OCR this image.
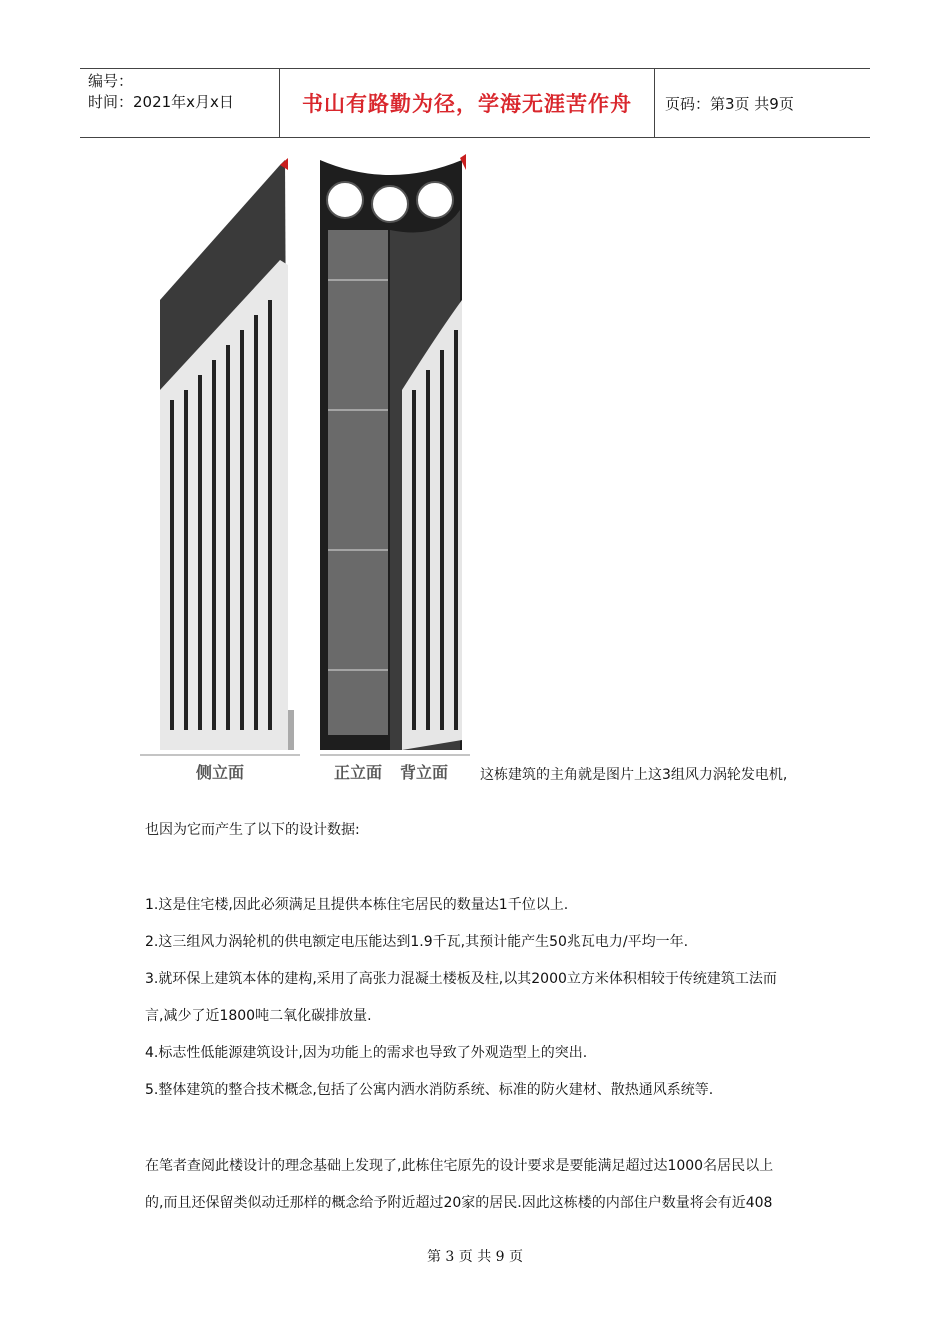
编号：
时间：2021年x月x日	书山有路勤为径，学海无涯苦作舟	页码：第3页 共9页
侧立面	正立面 背立面 这栋建筑的主角就是图片上这3组风力涡轮发电机,
也因为它而产生了以下的设计数据:
1.这是住宅楼,因此必须满足且提供本栋住宅居民的数量达1千位以上.
2.这三组风力涡轮机的供电额定电压能达到1.9千瓦,其预计能产生50兆瓦电力/平均一年.
3.就环保上建筑本体的建构,采用了高张力混凝土楼板及柱,以其2000立方米体积相较于传统建筑工法而
言,减少了近1800吨二氧化碳排放量.
4.标志性低能源建筑设计,因为功能上的需求也导致了外观造型上的突出.
5.整体建筑的整合技术概念,包括了公寓内洒水消防系统、标准的防火建材、散热通风系统等.
在笔者查阅此楼设计的理念基础上发现了,此栋住宅原先的设计要求是要能满足超过达1000名居民以上
的,而且还保留类似动迁那样的概念给予附近超过20家的居民.因此这栋楼的内部住户数量将会有近408
第 3 页 共 9 页
